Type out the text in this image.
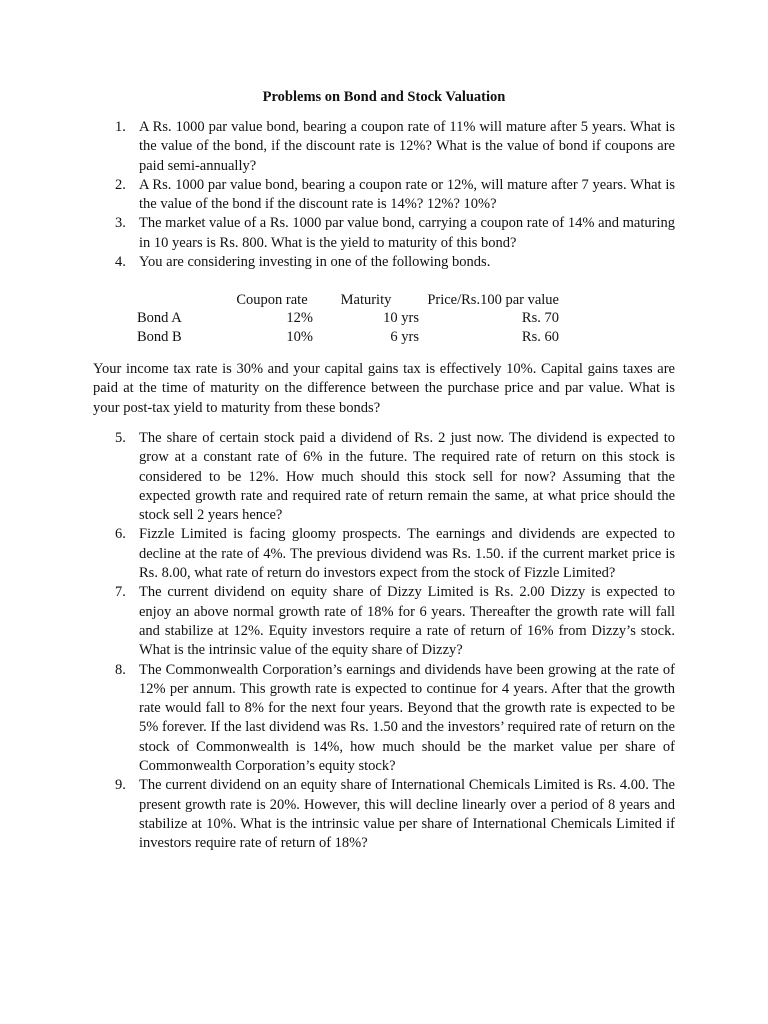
Problems on Bond and Stock Valuation
1. A Rs. 1000 par value bond, bearing a coupon rate of 11% will mature after 5 years. What is the value of the bond, if the discount rate is 12%? What is the value of bond if coupons are paid semi-annually?
2. A Rs. 1000 par value bond, bearing a coupon rate or 12%, will mature after 7 years. What is the value of the bond if the discount rate is 14%? 12%? 10%?
3. The market value of a Rs. 1000 par value bond, carrying a coupon rate of 14% and maturing in 10 years is Rs. 800. What is the yield to maturity of this bond?
4. You are considering investing in one of the following bonds.
	Coupon rate	Maturity	Price/Rs.100 par value
Bond A	12%	10 yrs	Rs. 70
Bond B	10%	6 yrs	Rs. 60

Your income tax rate is 30% and your capital gains tax is effectively 10%. Capital gains taxes are paid at the time of maturity on the difference between the purchase price and par value. What is your post-tax yield to maturity from these bonds?

5. The share of certain stock paid a dividend of Rs. 2 just now. The dividend is expected to grow at a constant rate of 6% in the future. The required rate of return on this stock is considered to be 12%. How much should this stock sell for now? Assuming that the expected growth rate and required rate of return remain the same, at what price should the stock sell 2 years hence?
6. Fizzle Limited is facing gloomy prospects. The earnings and dividends are expected to decline at the rate of 4%. The previous dividend was Rs. 1.50. if the current market price is Rs. 8.00, what rate of return do investors expect from the stock of Fizzle Limited?
7. The current dividend on equity share of Dizzy Limited is Rs. 2.00 Dizzy is expected to enjoy an above normal growth rate of 18% for 6 years. Thereafter the growth rate will fall and stabilize at 12%. Equity investors require a rate of return of 16% from Dizzy’s stock. What is the intrinsic value of the equity share of Dizzy?
8. The Commonwealth Corporation’s earnings and dividends have been growing at the rate of 12% per annum. This growth rate is expected to continue for 4 years. After that the growth rate would fall to 8% for the next four years. Beyond that the growth rate is expected to be 5% forever. If the last dividend was Rs. 1.50 and the investors’ required rate of return on the stock of Commonwealth is 14%, how much should be the market value per share of Commonwealth Corporation’s equity stock?
9. The current dividend on an equity share of International Chemicals Limited is Rs. 4.00. The present growth rate is 20%. However, this will decline linearly over a period of 8 years and stabilize at 10%. What is the intrinsic value per share of International Chemicals Limited if investors require rate of return of 18%?
